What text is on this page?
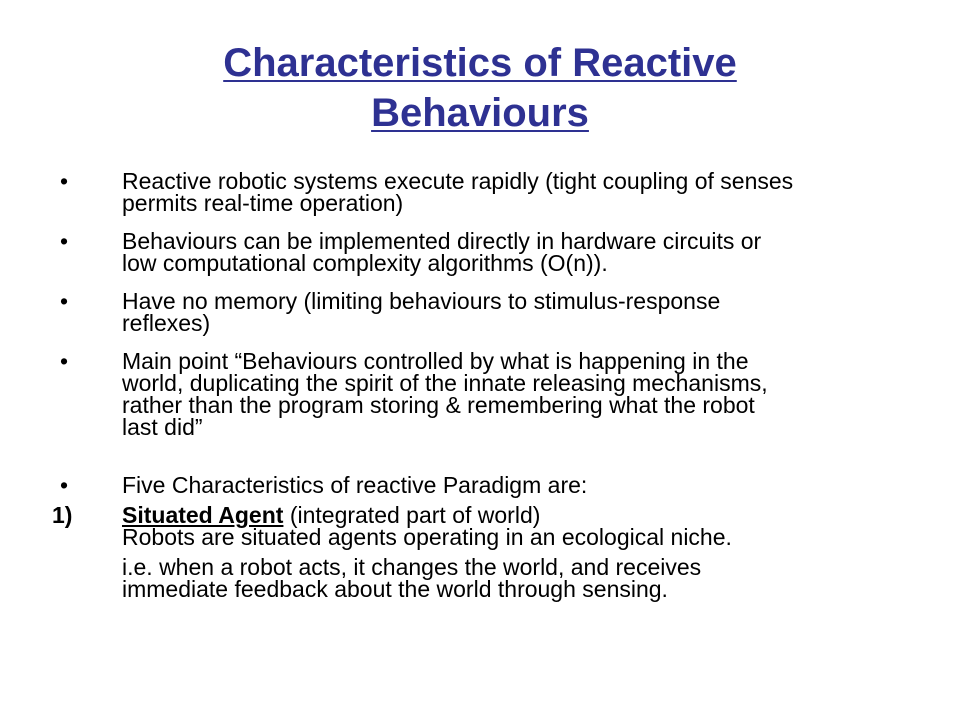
Characteristics of Reactive
Behaviours
•	Reactive robotic systems execute rapidly (tight coupling of senses
permits real-time operation)
•	Behaviours can be implemented directly in hardware circuits or
low computational complexity algorithms (O(n)).
•	Have no memory (limiting behaviours to stimulus-response
reflexes)
•	Main point “Behaviours controlled by what is happening in the
world, duplicating the spirit of the innate releasing mechanisms,
rather than the program storing & remembering what the robot
last did”
•	Five Characteristics of reactive Paradigm are:
1)	Situated Agent (integrated part of world)
Robots are situated agents operating in an ecological niche.
i.e. when a robot acts, it changes the world, and receives
immediate feedback about the world through sensing.
